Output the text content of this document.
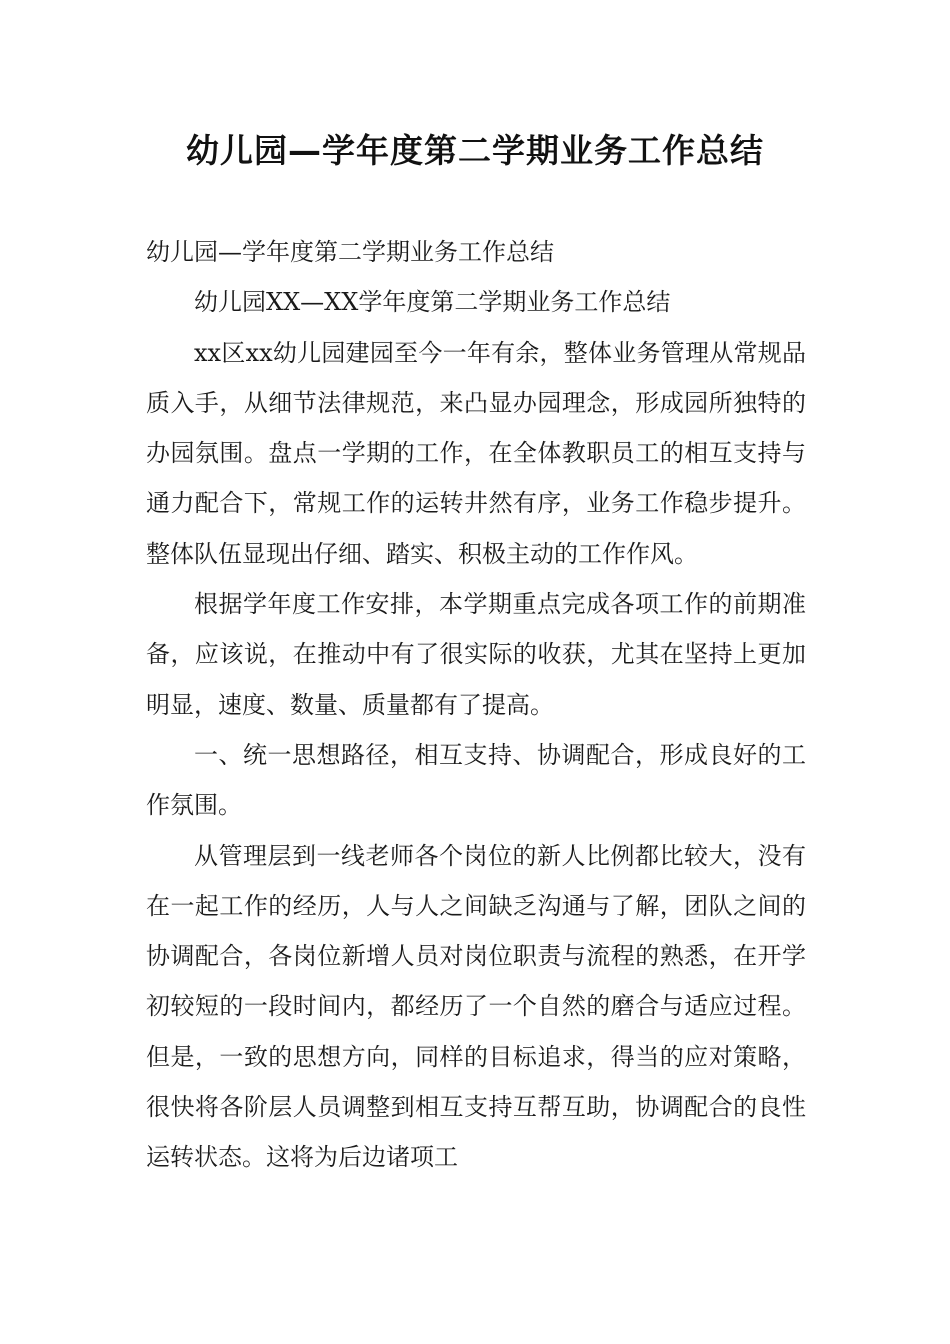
幼儿园—学年度第二学期业务工作总结

幼儿园—学年度第二学期业务工作总结

幼儿园XX—XX学年度第二学期业务工作总结

xx区xx幼儿园建园至今一年有余，整体业务管理从常规品质入手，从细节法律规范，来凸显办园理念，形成园所独特的办园氛围。盘点一学期的工作，在全体教职员工的相互支持与通力配合下，常规工作的运转井然有序，业务工作稳步提升。整体队伍显现出仔细、踏实、积极主动的工作作风。

根据学年度工作安排，本学期重点完成各项工作的前期准备，应该说，在推动中有了很实际的收获，尤其在坚持上更加明显，速度、数量、质量都有了提高。

一、统一思想路径，相互支持、协调配合，形成良好的工作氛围。

从管理层到一线老师各个岗位的新人比例都比较大，没有在一起工作的经历，人与人之间缺乏沟通与了解，团队之间的协调配合，各岗位新增人员对岗位职责与流程的熟悉，在开学初较短的一段时间内，都经历了一个自然的磨合与适应过程。但是，一致的思想方向，同样的目标追求，得当的应对策略，很快将各阶层人员调整到相互支持互帮互助，协调配合的良性运转状态。这将为后边诸项工
